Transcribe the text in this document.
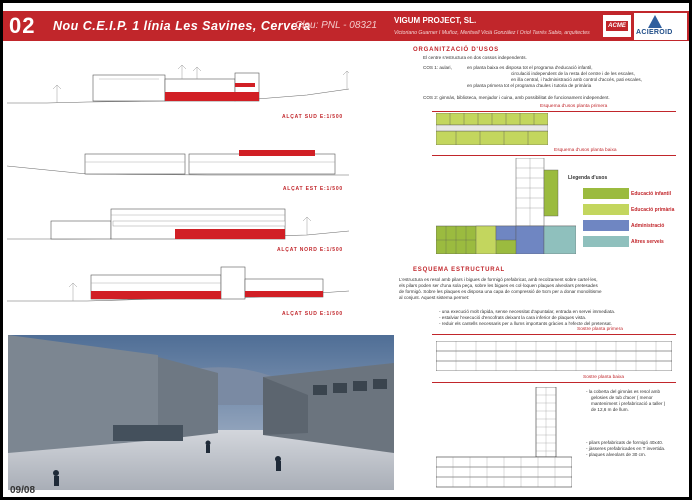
02 Nou C.E.I.P. 1 línia Les Savines, Cervera
Clau: PNL - 08321 VIGUM PROJECT, SL.
Victoriano Guarner I Muñoz, Meritxell Vicià González I Oriol Tarrés Sabio, arquitectes
ACME
ACIEROID
ALÇAT SUD E:1/500
ALÇAT EST E:1/500
ALÇAT NORD E:1/500
ALÇAT SUD E:1/500
09/08
ORGANITZACIÓ D'USOS
El centre s'estructura en dos cossos independents.
COS 1: aulari,	en planta baixa es disposa tot el programa d'educació infantil,
circulació independent de la resta del centre i de les escales,
en illa central, i l'administració amb control d'accés, pati escales,
en planta primera tot el programa d'aules i tutoria de primària
COS 2: gimnàs, biblioteca, menjador i cuina, amb possibilitat de funcionament independent.
Esquema d'usos planta primera
Esquema d'usos planta baixa
Llegenda d'usos
Educació infantil
Educació primària
Administració
Altres serveis
ESQUEMA ESTRUCTURAL
L'estructura es resol amb pilars i bigues de formigó prefabricat, amb recolzament sobre cartel·les,
els pilars poden ser d'una sola peça, sobre les bigues es col·loquen plaques alveolars pretesades
de formigó. Sobre les plaques es disposa una capa de compressió de 5cm per a donar monolitisme
al conjunt. Aquest sistema permet:
- una execució molt ràpida, sense necessitat d'apuntalar, entrada en servei immediata.
- estalviar l'execució d'encofrats deixant la cara inferior de plaques vista.
- reduir els cantells necessaris per a llums importants gràcies a l'efecte del pretensat.
Sostre planta primera
Sostre planta baixa
- la coberta del gimnàs es resol amb
gelosies de tub d'acer ( menor
manteniment i prefabricació a taller )
de 12,6 m de llum.
- pilars prefabricats de formigó 40x40.
- jàsseres prefabricades en T invertida.
- plaques alveolars de 30 cm.
